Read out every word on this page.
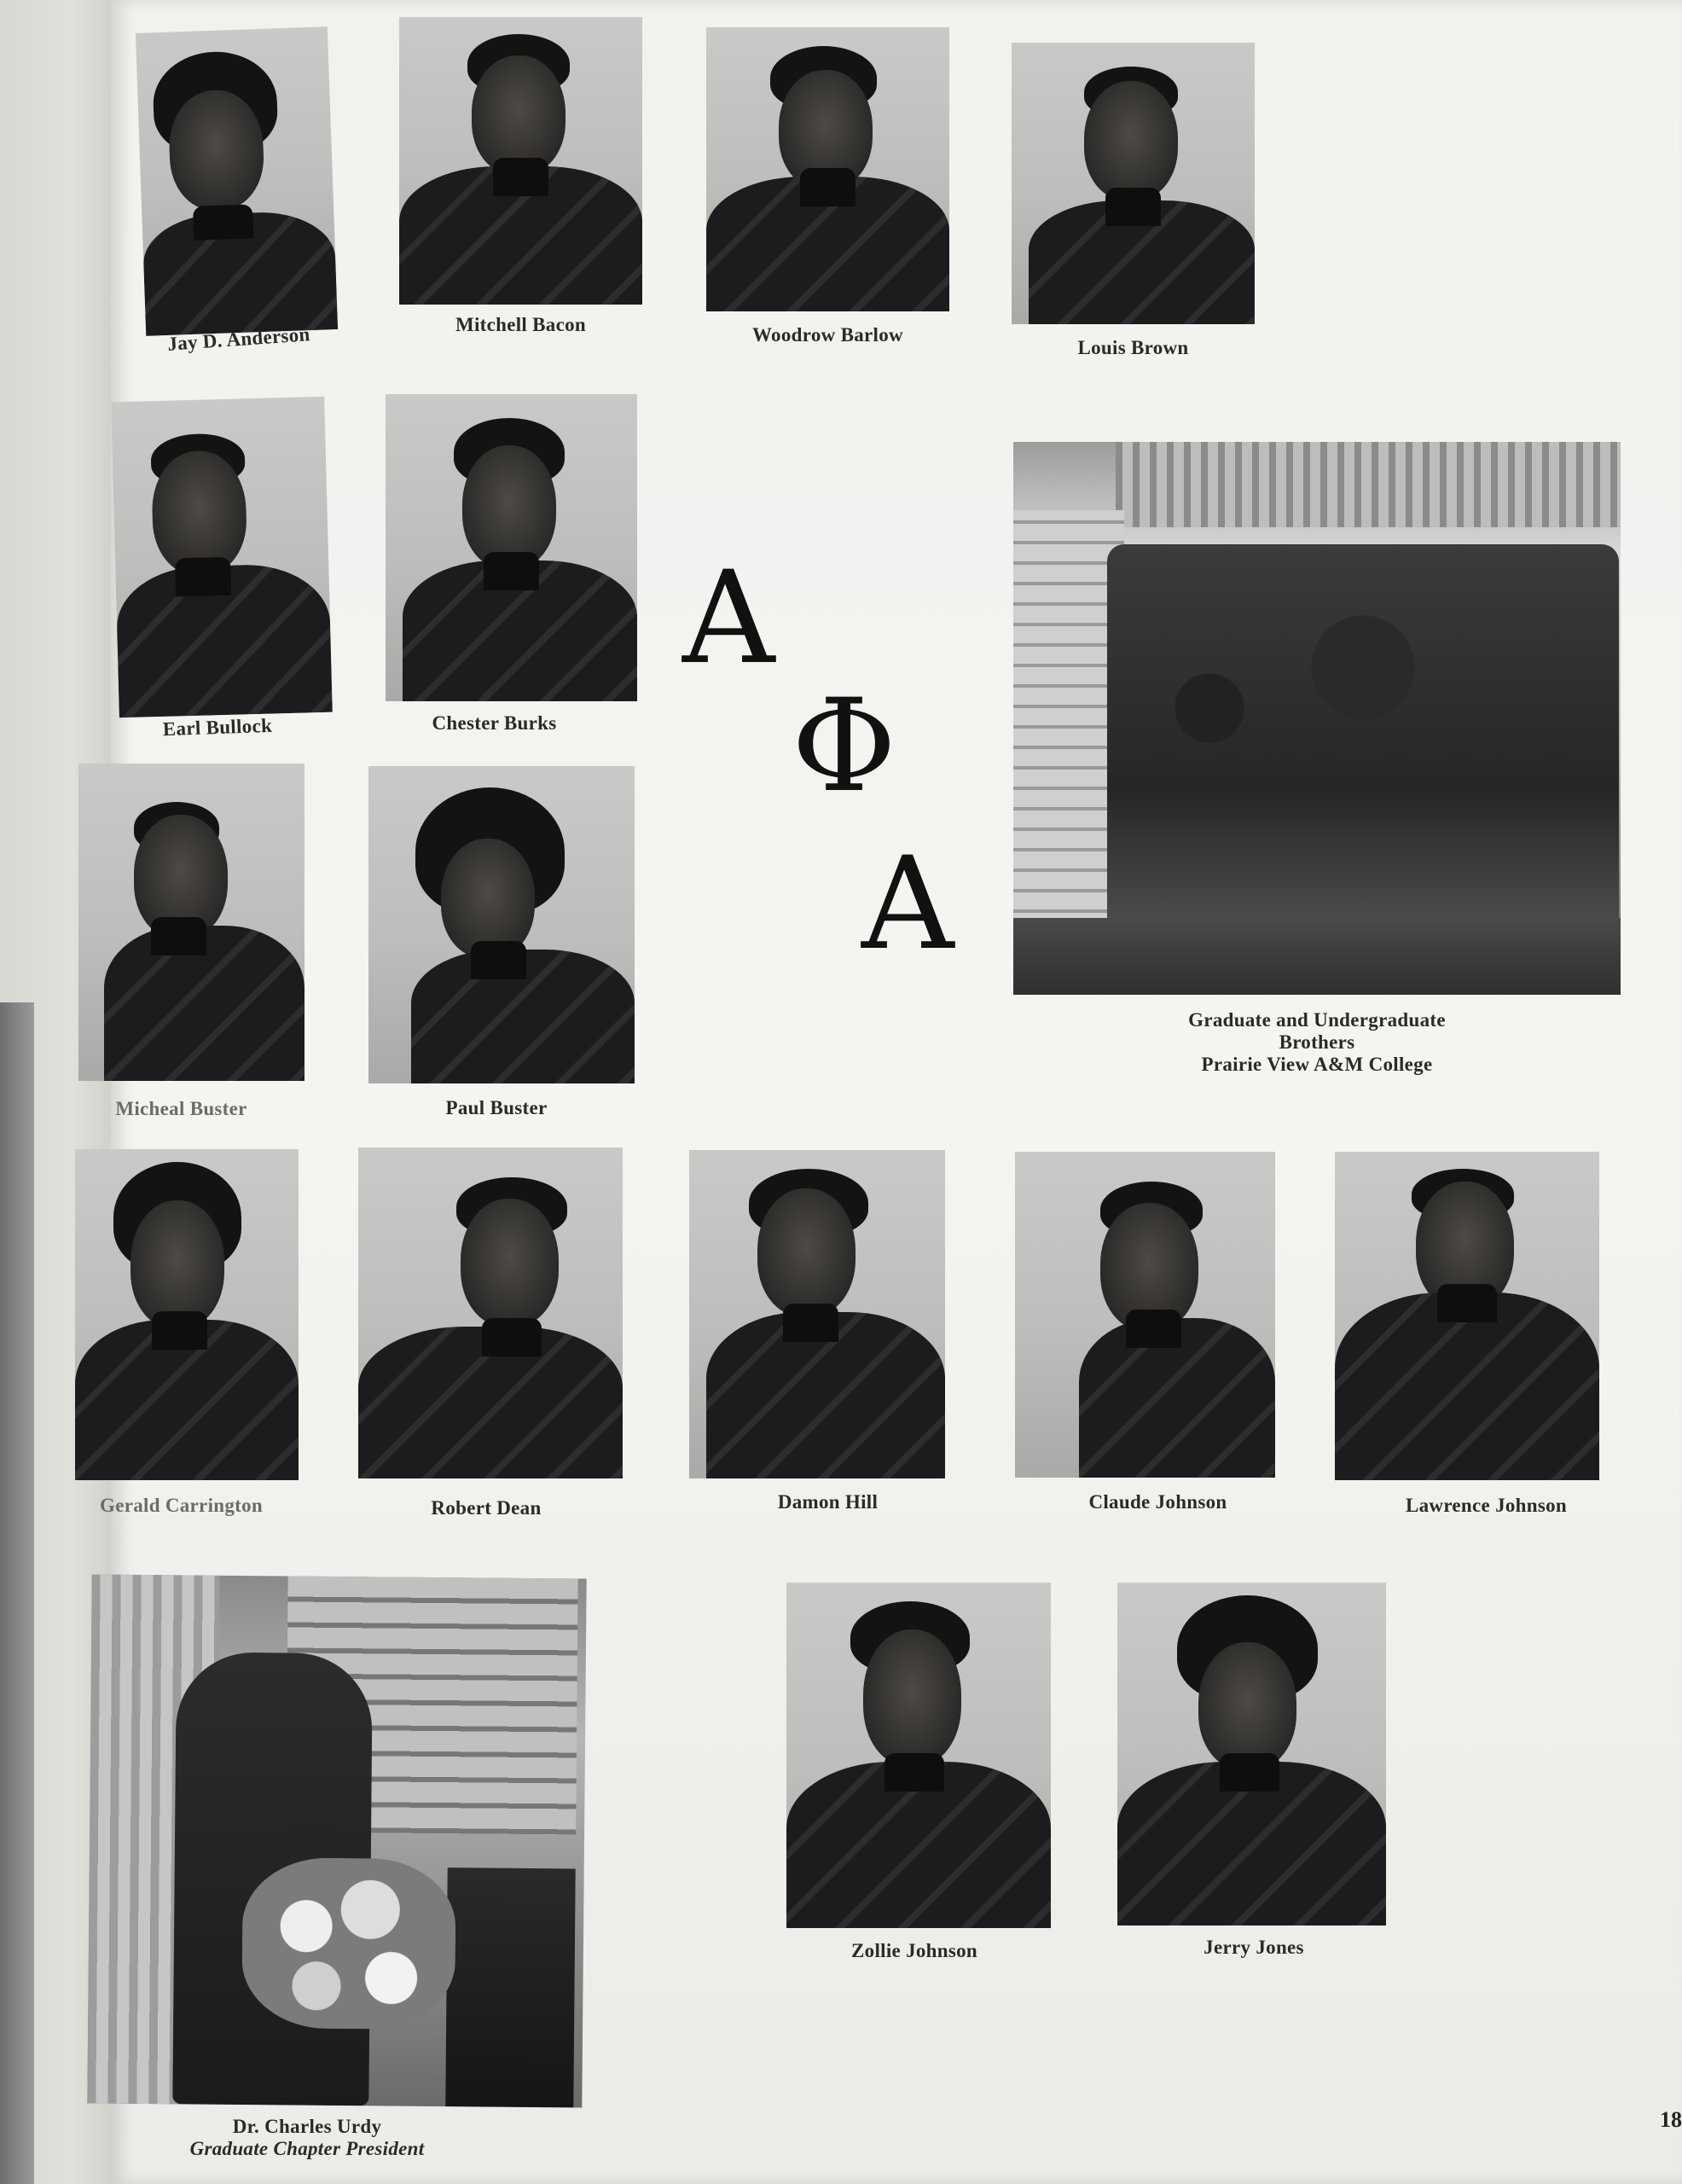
Jay D. Anderson	Mitchell Bacon	Woodrow Barlow
Louis Brown
Earl Bullock	Chester Burks
Α
Φ
Α
Graduate and Undergraduate
Brothers
Prairie View A&M College
Micheal Buster	Paul Buster
Gerald Carrington	Robert Dean	Damon Hill	Claude Johnson	Lawrence Johnson
Dr. Charles Urdy
Graduate Chapter President
Zollie Johnson	Jerry Jones
18
